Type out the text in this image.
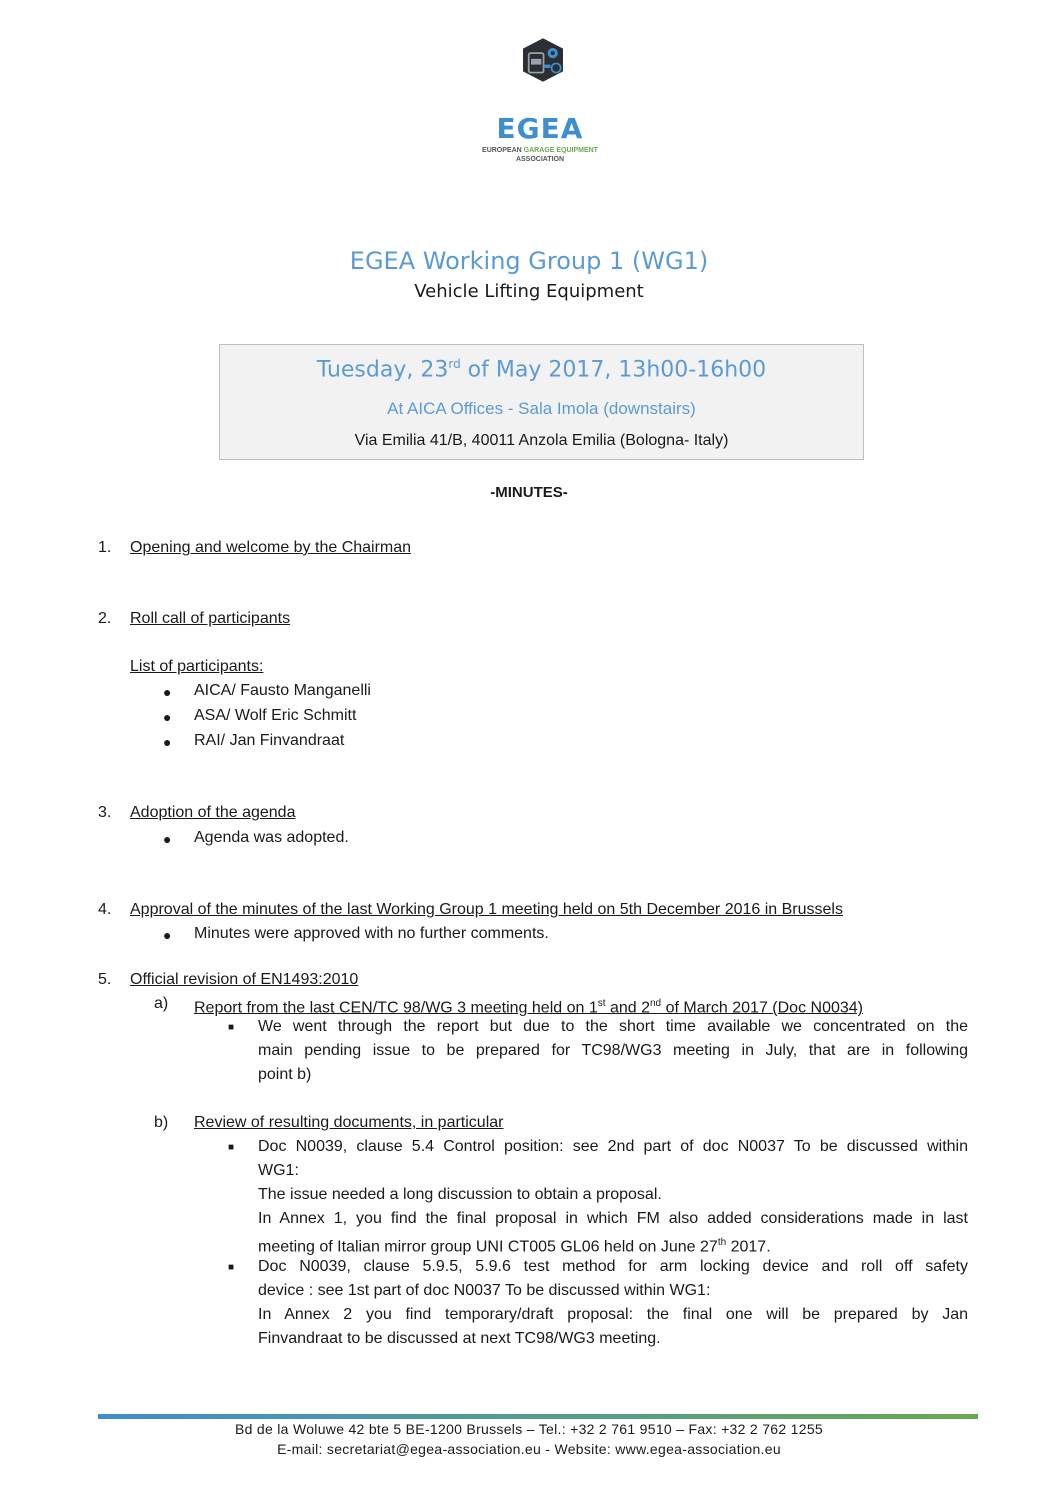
EGEA
EUROPEAN GARAGE EQUIPMENT
ASSOCIATION
EGEA Working Group 1 (WG1)
Vehicle Lifting Equipment
Tuesday, 23rd of May 2017, 13h00-16h00
At AICA Offices - Sala Imola (downstairs)
Via Emilia 41/B, 40011 Anzola Emilia (Bologna- Italy)
-MINUTES-
1.	Opening and welcome by the Chairman
2.	Roll call of participants
List of participants:
● AICA/ Fausto Manganelli
● ASA/ Wolf Eric Schmitt
● RAI/ Jan Finvandraat
3.	Adoption of the agenda
● Agenda was adopted.
4.	Approval of the minutes of the last Working Group 1 meeting held on 5th December 2016 in Brussels
● Minutes were approved with no further comments.
5.	Official revision of EN1493:2010
a) Report from the last CEN/TC 98/WG 3 meeting held on 1st and 2nd of March 2017 (Doc N0034)
■ We went through the report but due to the short time available we concentrated on the
main pending issue to be prepared for TC98/WG3 meeting in July, that are in following
point b)
b) Review of resulting documents, in particular
■ Doc N0039, clause 5.4 Control position: see 2nd part of doc N0037 To be discussed within
WG1:
The issue needed a long discussion to obtain a proposal.
In Annex 1, you find the final proposal in which FM also added considerations made in last
meeting of Italian mirror group UNI CT005 GL06 held on June 27th 2017.
■ Doc N0039, clause 5.9.5, 5.9.6 test method for arm locking device and roll off safety
device : see 1st part of doc N0037 To be discussed within WG1:
In Annex 2 you find temporary/draft proposal: the final one will be prepared by Jan
Finvandraat to be discussed at next TC98/WG3 meeting.
Bd de la Woluwe 42 bte 5 BE-1200 Brussels – Tel.: +32 2 761 9510 – Fax: +32 2 762 1255
E-mail: secretariat@egea-association.eu - Website: www.egea-association.eu
